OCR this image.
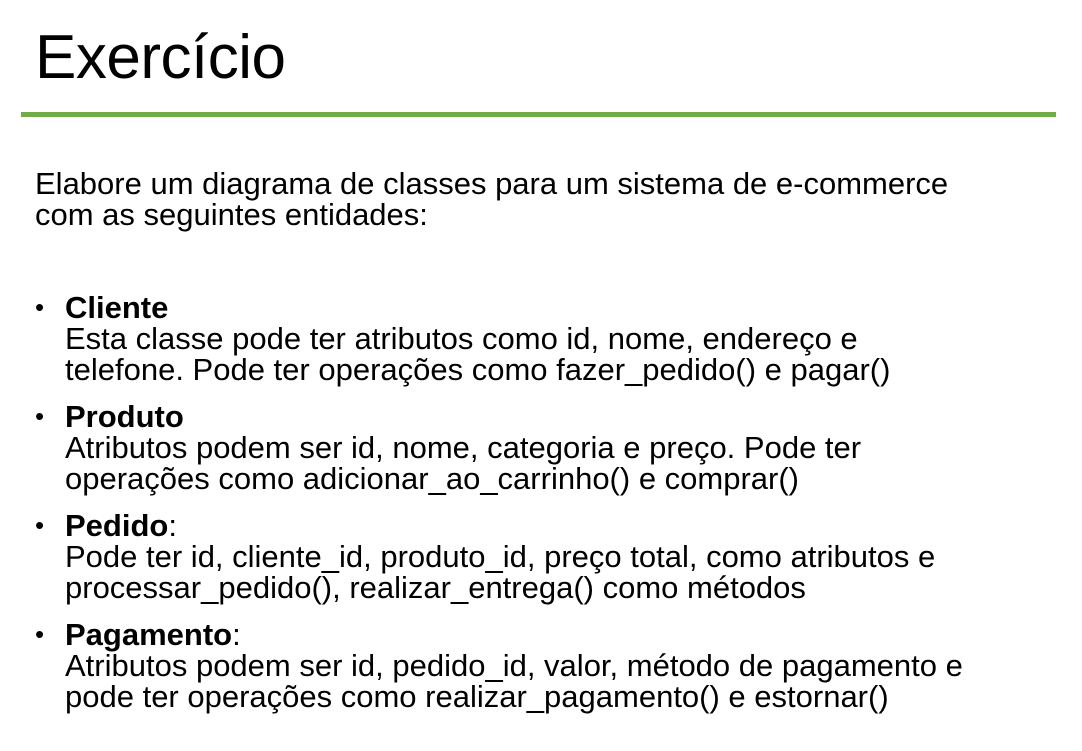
Exercício
Elabore um diagrama de classes para um sistema de e-commerce
com as seguintes entidades:
• Cliente
Esta classe pode ter atributos como id, nome, endereço e
telefone. Pode ter operações como fazer_pedido() e pagar()
• Produto
Atributos podem ser id, nome, categoria e preço. Pode ter
operações como adicionar_ao_carrinho() e comprar()
• Pedido:
Pode ter id, cliente_id, produto_id, preço total, como atributos e
processar_pedido(), realizar_entrega() como métodos
• Pagamento:
Atributos podem ser id, pedido_id, valor, método de pagamento e
pode ter operações como realizar_pagamento() e estornar()
